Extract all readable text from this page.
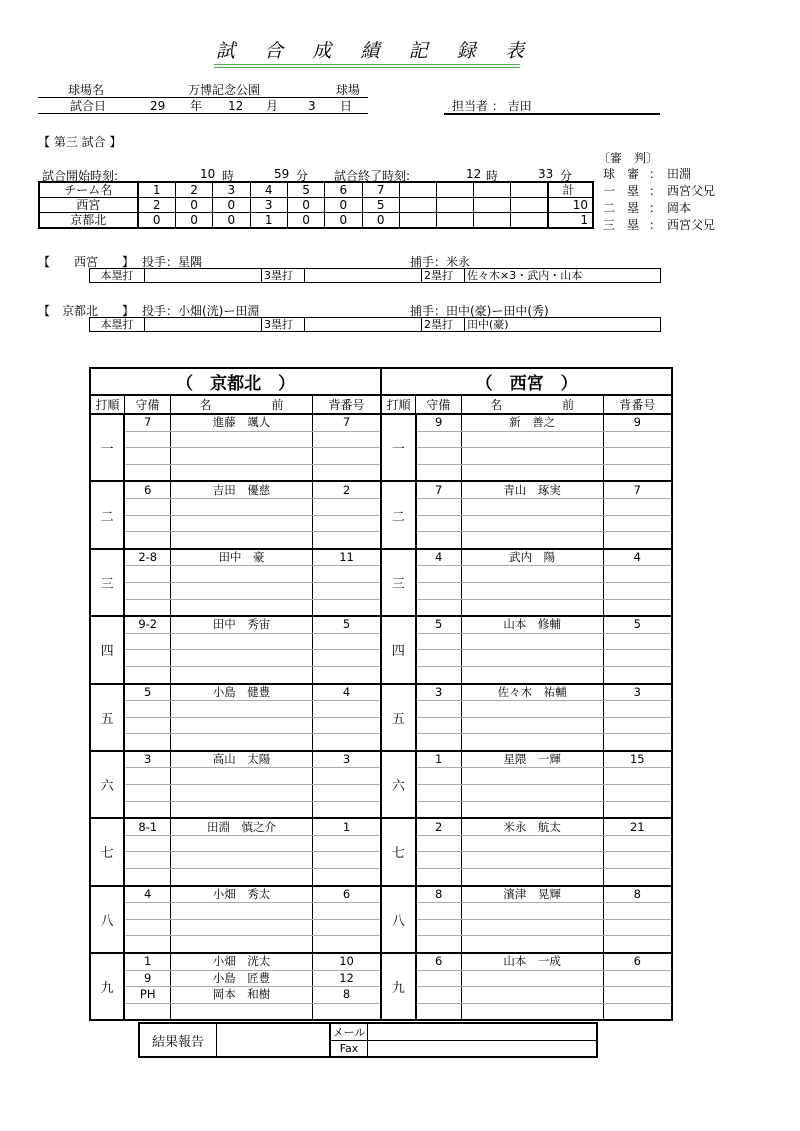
試 合 成 績 記 録 表
球場名	万博記念公園	球場
試合日	29 年 12 月 3 日	担当者 ： 吉田
【 第三 試合 】
試合開始時刻:	10 時	59 分 試合終了時刻:	12 時	33 分
チーム名	1	2	3	4	5	6	7					計
西宮	2	0	0	3	0	0	5					10
京都北	0	0	0	1	0	0	0					1
〔審　判〕
球　審 ： 田淵
一　塁 ： 西宮父兄
二　塁 ： 岡本
三　塁 ： 西宮父兄
【　　西宮　　】 投手：星隅	捕手：米永
本塁打		3塁打		2塁打	佐々木×3・武内・山本
【　京都北　　】 投手：小畑(洸)ー田淵	捕手：田中(豪)ー田中(秀)
本塁打		3塁打		2塁打	田中(豪)
（　京都北　）				（　西宮　）			
打順	守備	名　　　　　前	背番号	打順	守備	名　　　　　前	背番号
一	7	進藤　颯人	7	一	9	新　善之	9

二	6	吉田　優慈	2	二	7	青山　琢実	7

三	2-8	田中　豪	11	三	4	武内　陽	4

四	9-2	田中　秀宙	5	四	5	山本　修輔	5

五	5	小島　健豊	4	五	3	佐々木　祐輔	3

六	3	高山　太陽	3	六	1	星隈　一輝	15

七	8-1	田淵　慎之介	1	七	2	米永　航太	21

八	4	小畑　秀太	6	八	8	濱津　晃輝	8

九	1	小畑　洸太	10	九	6	山本　一成	6
	9	小島　匠豊	12				
	PH	岡本　和樹	8				

結果報告		メール	
		Fax	
